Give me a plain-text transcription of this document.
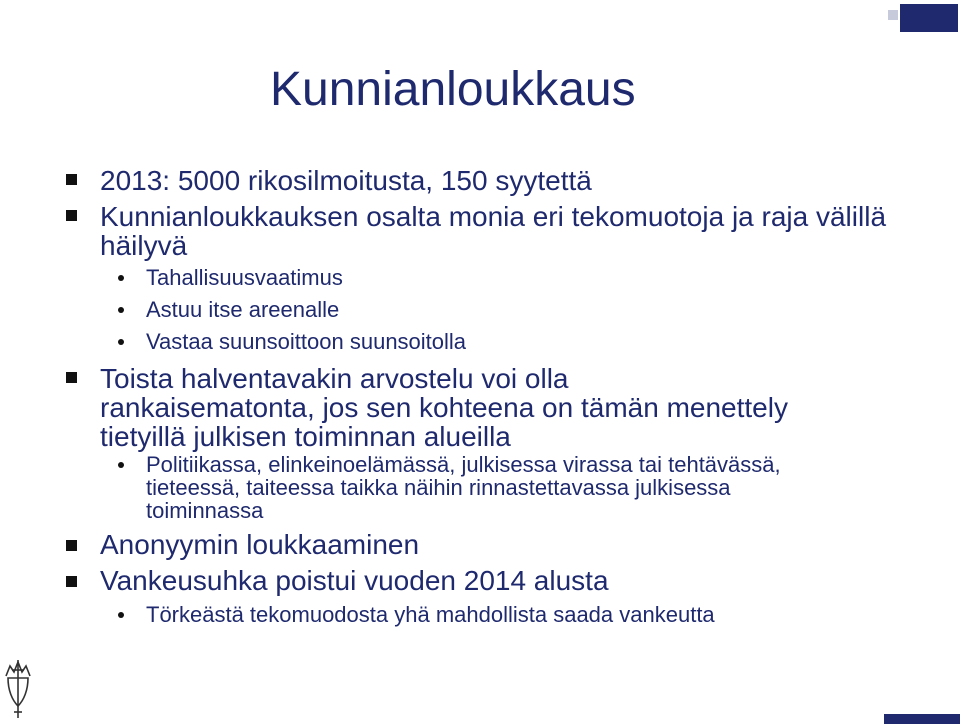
Kunnianloukkaus

2013: 5000 rikosilmoitusta, 150 syytettä

Kunnianloukkauksen osalta monia eri tekomuotoja ja raja välillä häilyvä

Tahallisuusvaatimus

Astuu itse areenalle

Vastaa suunsoittoon suunsoitolla

Toista halventavakin arvostelu voi olla rankaisematonta, jos sen kohteena on tämän menettely tietyillä julkisen toiminnan alueilla

Politiikassa, elinkeinoelämässä, julkisessa virassa tai tehtävässä, tieteessä, taiteessa taikka näihin rinnastettavassa julkisessa toiminnassa

Anonyymin loukkaaminen

Vankeusuhka poistui vuoden 2014 alusta

Törkeästä tekomuodosta yhä mahdollista saada vankeutta
